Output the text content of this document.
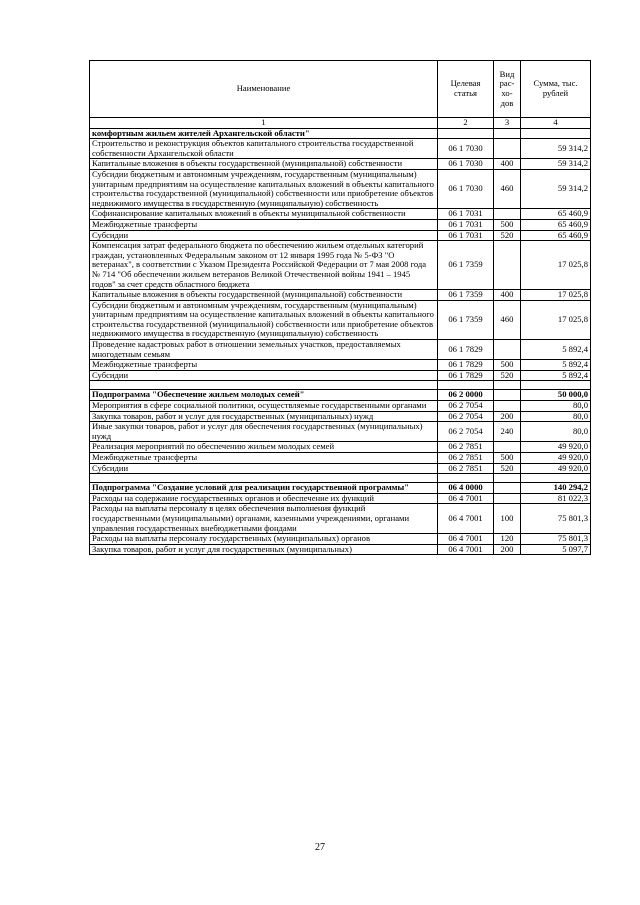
Наименование	Целевая статья	Вид рас-хо-дов	Сумма, тыс. рублей
1	2	3	4
комфортным жильем жителей Архангельской области"			
Строительство и реконструкция объектов капитального строительства государственной собственности Архангельской области	06 1 7030		59 314,2
Капитальные вложения в объекты государственной (муниципальной) собственности	06 1 7030	400	59 314,2
Субсидии бюджетным и автономным учреждениям, государственным (муниципальным) унитарным предприятиям на осуществление капитальных вложений в объекты капитального строительства государственной (муниципальной) собственности или приобретение объектов недвижимого имущества в государственную (муниципальную) собственность	06 1 7030	460	59 314,2
Софинансирование капитальных вложений в объекты муниципальной собственности	06 1 7031		65 460,9
Межбюджетные трансферты	06 1 7031	500	65 460,9
Субсидии	06 1 7031	520	65 460,9
Компенсация затрат федерального бюджета по обеспечению жильем отдельных категорий граждан, установленных Федеральным законом от 12 января 1995 года № 5-ФЗ "О ветеранах", в соответствии с Указом Президента Российской Федерации от 7 мая 2008 года № 714 "Об обеспечении жильем ветеранов Великой Отечественной войны 1941 – 1945 годов" за счет средств областного бюджета	06 1 7359		17 025,8
Капитальные вложения в объекты государственной (муниципальной) собственности	06 1 7359	400	17 025,8
Субсидии бюджетным и автономным учреждениям, государственным (муниципальным) унитарным предприятиям на осуществление капитальных вложений в объекты капитального строительства государственной (муниципальной) собственности или приобретение объектов недвижимого имущества в государственную (муниципальную) собственность	06 1 7359	460	17 025,8
Проведение кадастровых работ в отношении земельных участков, предоставляемых многодетным семьям	06 1 7829		5 892,4
Межбюджетные трансферты	06 1 7829	500	5 892,4
Субсидии	06 1 7829	520	5 892,4

Подпрограмма "Обеспечение жильем молодых семей"	06 2 0000		50 000,0
Мероприятия в сфере социальной политики, осуществляемые государственными органами	06 2 7054		80,0
Закупка товаров, работ и услуг для государственных (муниципальных) нужд	06 2 7054	200	80,0
Иные закупки товаров, работ и услуг для обеспечения государственных (муниципальных) нужд	06 2 7054	240	80,0
Реализация мероприятий по обеспечению жильем молодых семей	06 2 7851		49 920,0
Межбюджетные трансферты	06 2 7851	500	49 920,0
Субсидии	06 2 7851	520	49 920,0

Подпрограмма "Создание условий для реализации государственной программы"	06 4 0000		140 294,2
Расходы на содержание государственных органов и обеспечение их функций	06 4 7001		81 022,3
Расходы на выплаты персоналу в целях обеспечения выполнения функций государственными (муниципальными) органами, казенными учреждениями, органами управления государственных внебюджетными фондами	06 4 7001	100	75 801,3
Расходы на выплаты персоналу государственных (муниципальных) органов	06 4 7001	120	75 801,3
Закупка товаров, работ и услуг для государственных (муниципальных)	06 4 7001	200	5 097,7
27
